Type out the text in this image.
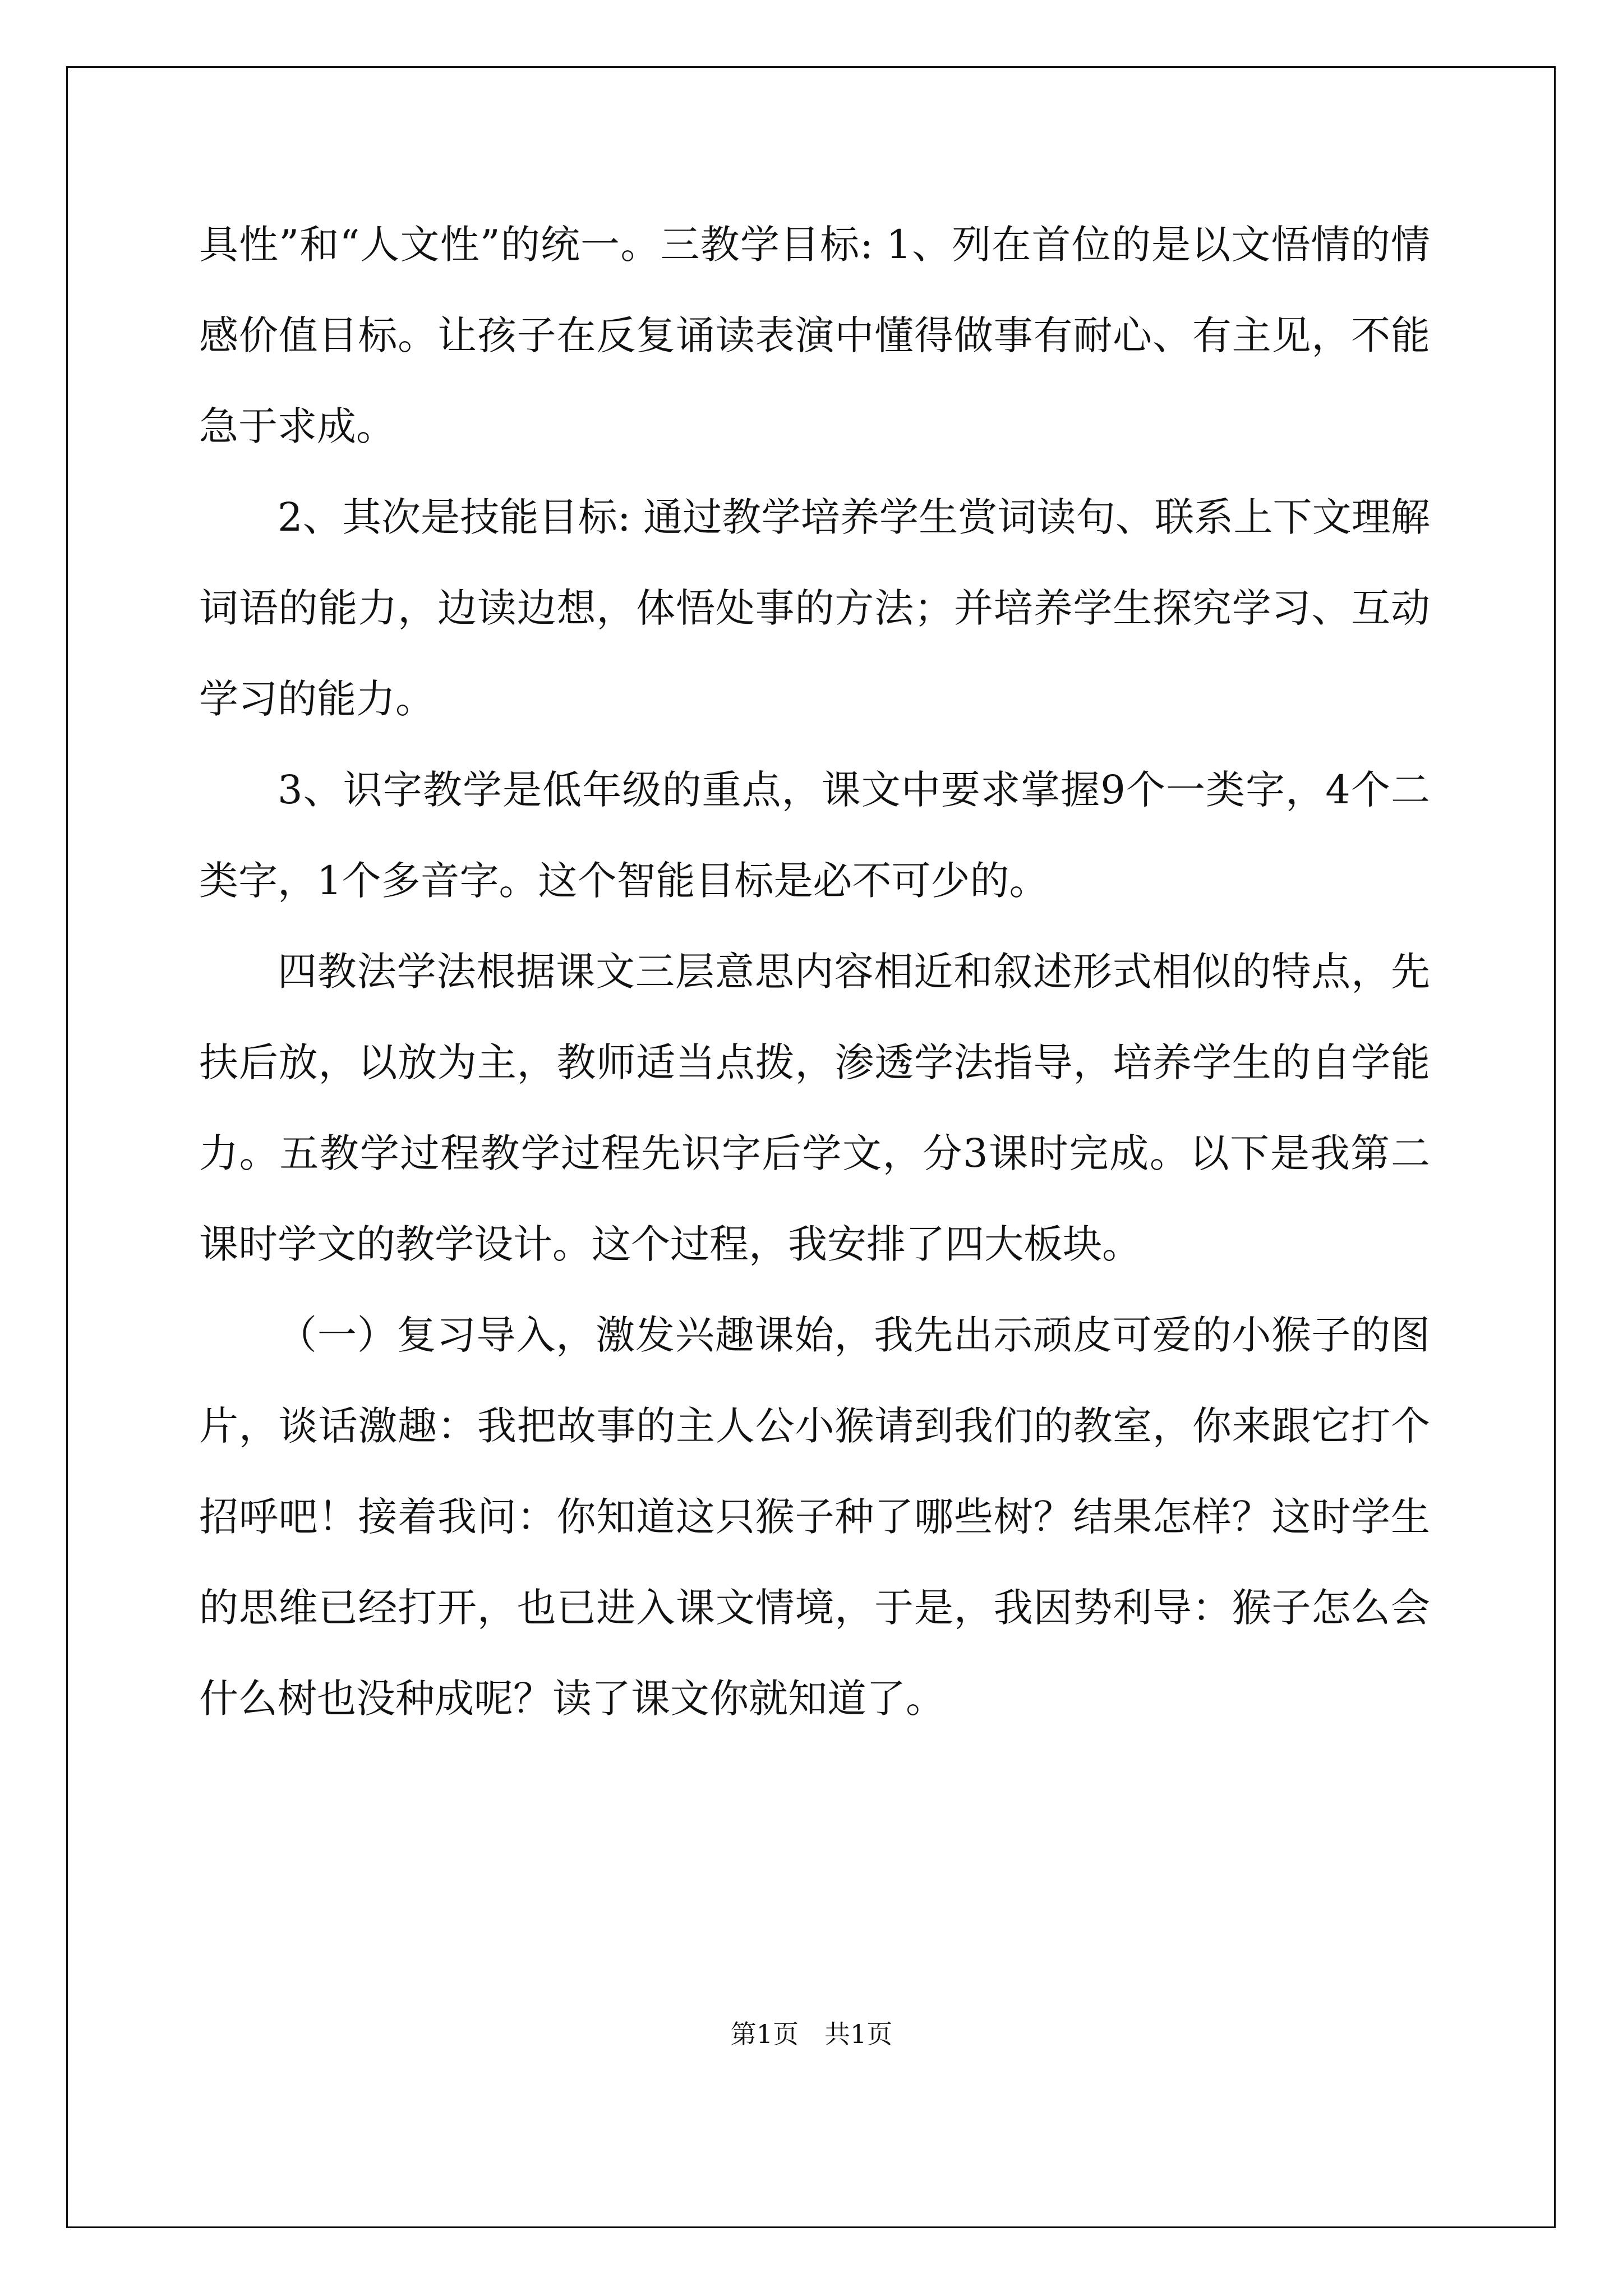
具性”和“人文性”的统一。三教学目标: 1、列在首位的是以文悟情的情感价值目标。让孩子在反复诵读表演中懂得做事有耐心、有主见，不能急于求成。

2、其次是技能目标: 通过教学培养学生赏词读句、联系上下文理解词语的能力，边读边想，体悟处事的方法；并培养学生探究学习、互动学习的能力。

3、识字教学是低年级的重点，课文中要求掌握9个一类字，4个二类字，1个多音字。这个智能目标是必不可少的。

四教法学法根据课文三层意思内容相近和叙述形式相似的特点，先扶后放，以放为主，教师适当点拨，渗透学法指导，培养学生的自学能力。五教学过程教学过程先识字后学文，分3课时完成。以下是我第二课时学文的教学设计。这个过程，我安排了四大板块。

（一）复习导入，激发兴趣课始，我先出示顽皮可爱的小猴子的图片，谈话激趣：我把故事的主人公小猴请到我们的教室，你来跟它打个招呼吧！接着我问：你知道这只猴子种了哪些树？结果怎样？这时学生的思维已经打开，也已进入课文情境，于是，我因势利导：猴子怎么会什么树也没种成呢？读了课文你就知道了。

第1页　共1页
